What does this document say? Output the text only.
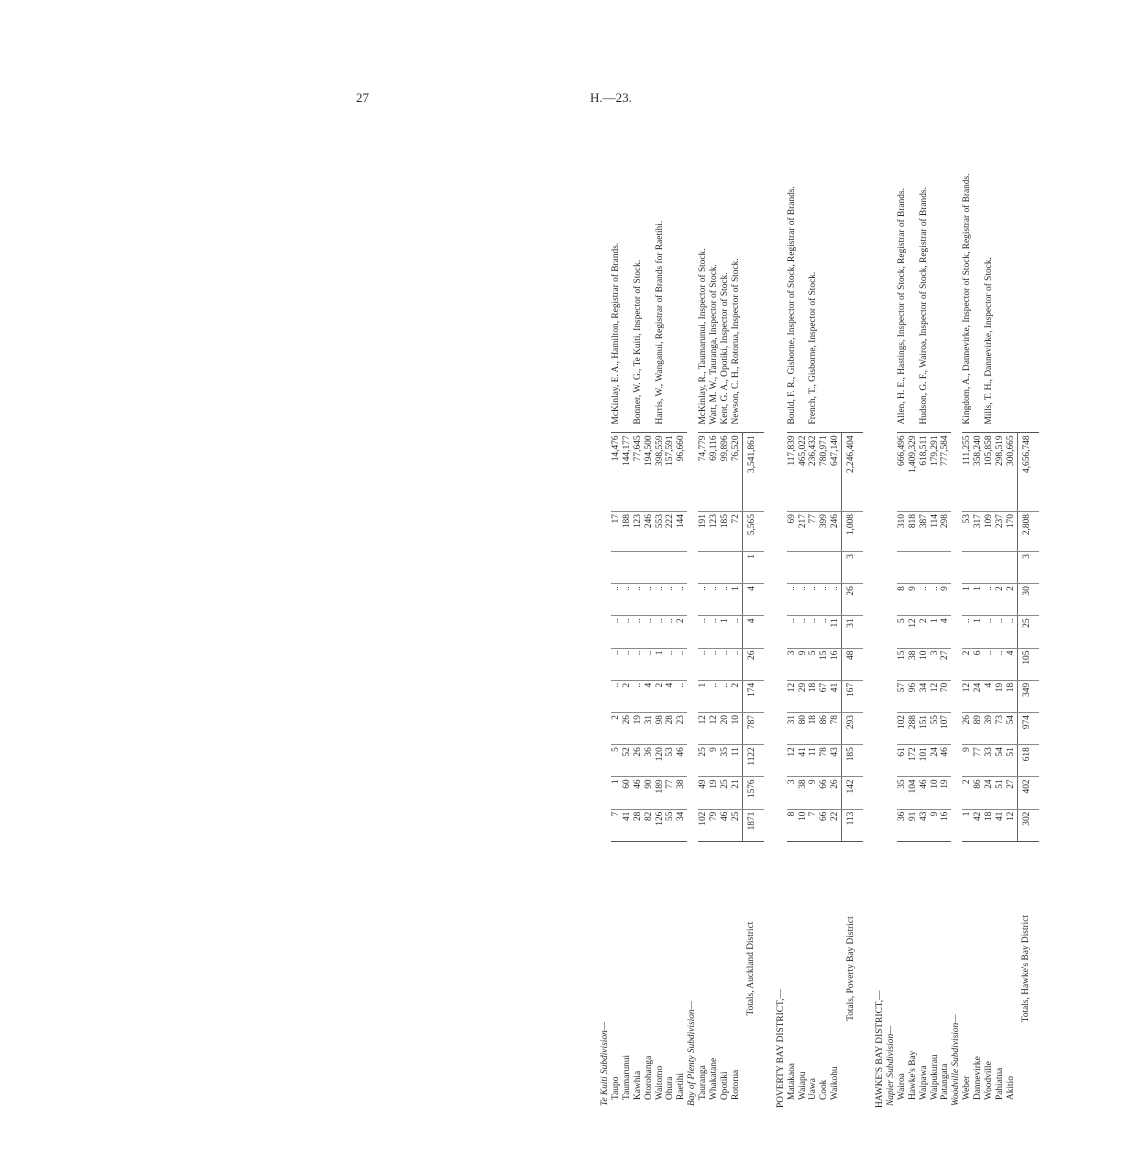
27	H.—23.
Te Kuiti Subdivision—													
Taupo		7	1	5	2	..	..	..	..		17	14,476	McKinlay, E. A., Hamilton, Registrar of Brands.
Taumarunui		41	60	52	26	2	..	..	..		188	144,177	
Kawhia		28	46	26	19	..	..	..	..		123	77,645	Bonner, W. G., Te Kuiti, Inspector of Stock.
Otorohanga		82	90	36	31	4	..	..	..		246	194,500	
Waitomo		126	189	120	98	2	1	..	..		553	398,559	Harris, W., Wanganui, Registrar of Brands for Raetihi.
Ohura		55	77	53	28	4	..	..	..		222	157,591	
Raetihi		34	38	46	23	..	..	2	..		144	96,660	
Bay of Plenty Subdivision—													
Tauranga		102	49	25	12	1	..	..	..		191	74,779	McKinlay, R., Taumarunui, Inspector of Stock.
Whakatane		79	19	9	12	..	..	..	..		123	69,116	Watt, M. W., Tauranga, Inspector of Stock.
Opotiki		46	25	35	20	..	..	1	..		185	99,896	Kent, G. A., Opotiki, Inspector of Stock.
Rotorua		25	21	11	10	2	..	..	1		72	76,520	Newson, C. H., Rotorua, Inspector of Stock.
Totals, Auckland District		1871	1576	1122	787	174	26	4	4	1	5,565	3,541,861	

POVERTY BAY DISTRICT,—													
Matakaoa		8	3	12	31	12	3	..	..		69	117,839	Bould, F. R., Gisborne, Inspector of Stock, Registrar of Brands.
Waiapu		10	38	41	80	29	9	..	..		217	465,022	
Uawa		7	9	11	18	18	5	..	..		77	236,432	French, T., Gisborne, Inspector of Stock.
Cook		66	66	78	86	67	15	..	..		399	780,971	
Waikohu		22	26	43	78	41	16	11	..		246	647,140	
Totals, Poverty Bay District		113	142	185	293	167	48	31	26	3	1,008	2,246,404	

HAWKE'S BAY DISTRICT,—													
Napier Subdivision—													
Wairoa		36	35	61	102	57	15	5	8		310	666,496	Allen, H. E., Hastings, Inspector of Stock, Registrar of Brands.
Hawke's Bay		91	104	172	288	96	38	12	9		818	1,409,329	
Waipawa		43	46	101	151	34	10	2	..		387	618,511	Hudson, G. F., Wairoa, Inspector of Stock, Registrar of Brands.
Waipukurau		9	10	24	55	12	3	1	..		114	179,291	
Patangata		16	19	46	107	70	27	4	9		298	777,584	
Woodville Subdivision—													
Weber		1	2	9	26	12	2	..	1		53	111,255	Kingdom, A., Dannevirke, Inspector of Stock, Registrar of Brands.
Dannevirke		42	86	77	89	24	6	1	1		317	358,240	
Woodville		18	24	33	39	4	..	..	..		109	105,858	Mills, T. H., Dannevirke, Inspector of Stock.
Pahiatua		41	51	54	73	19	..	..	2		237	298,519	
Akitio		12	27	51	54	18	4	..	2		170	300,665	
Totals, Hawke's Bay District		302	402	618	974	349	105	25	30	3	2,808	4,656,748	
